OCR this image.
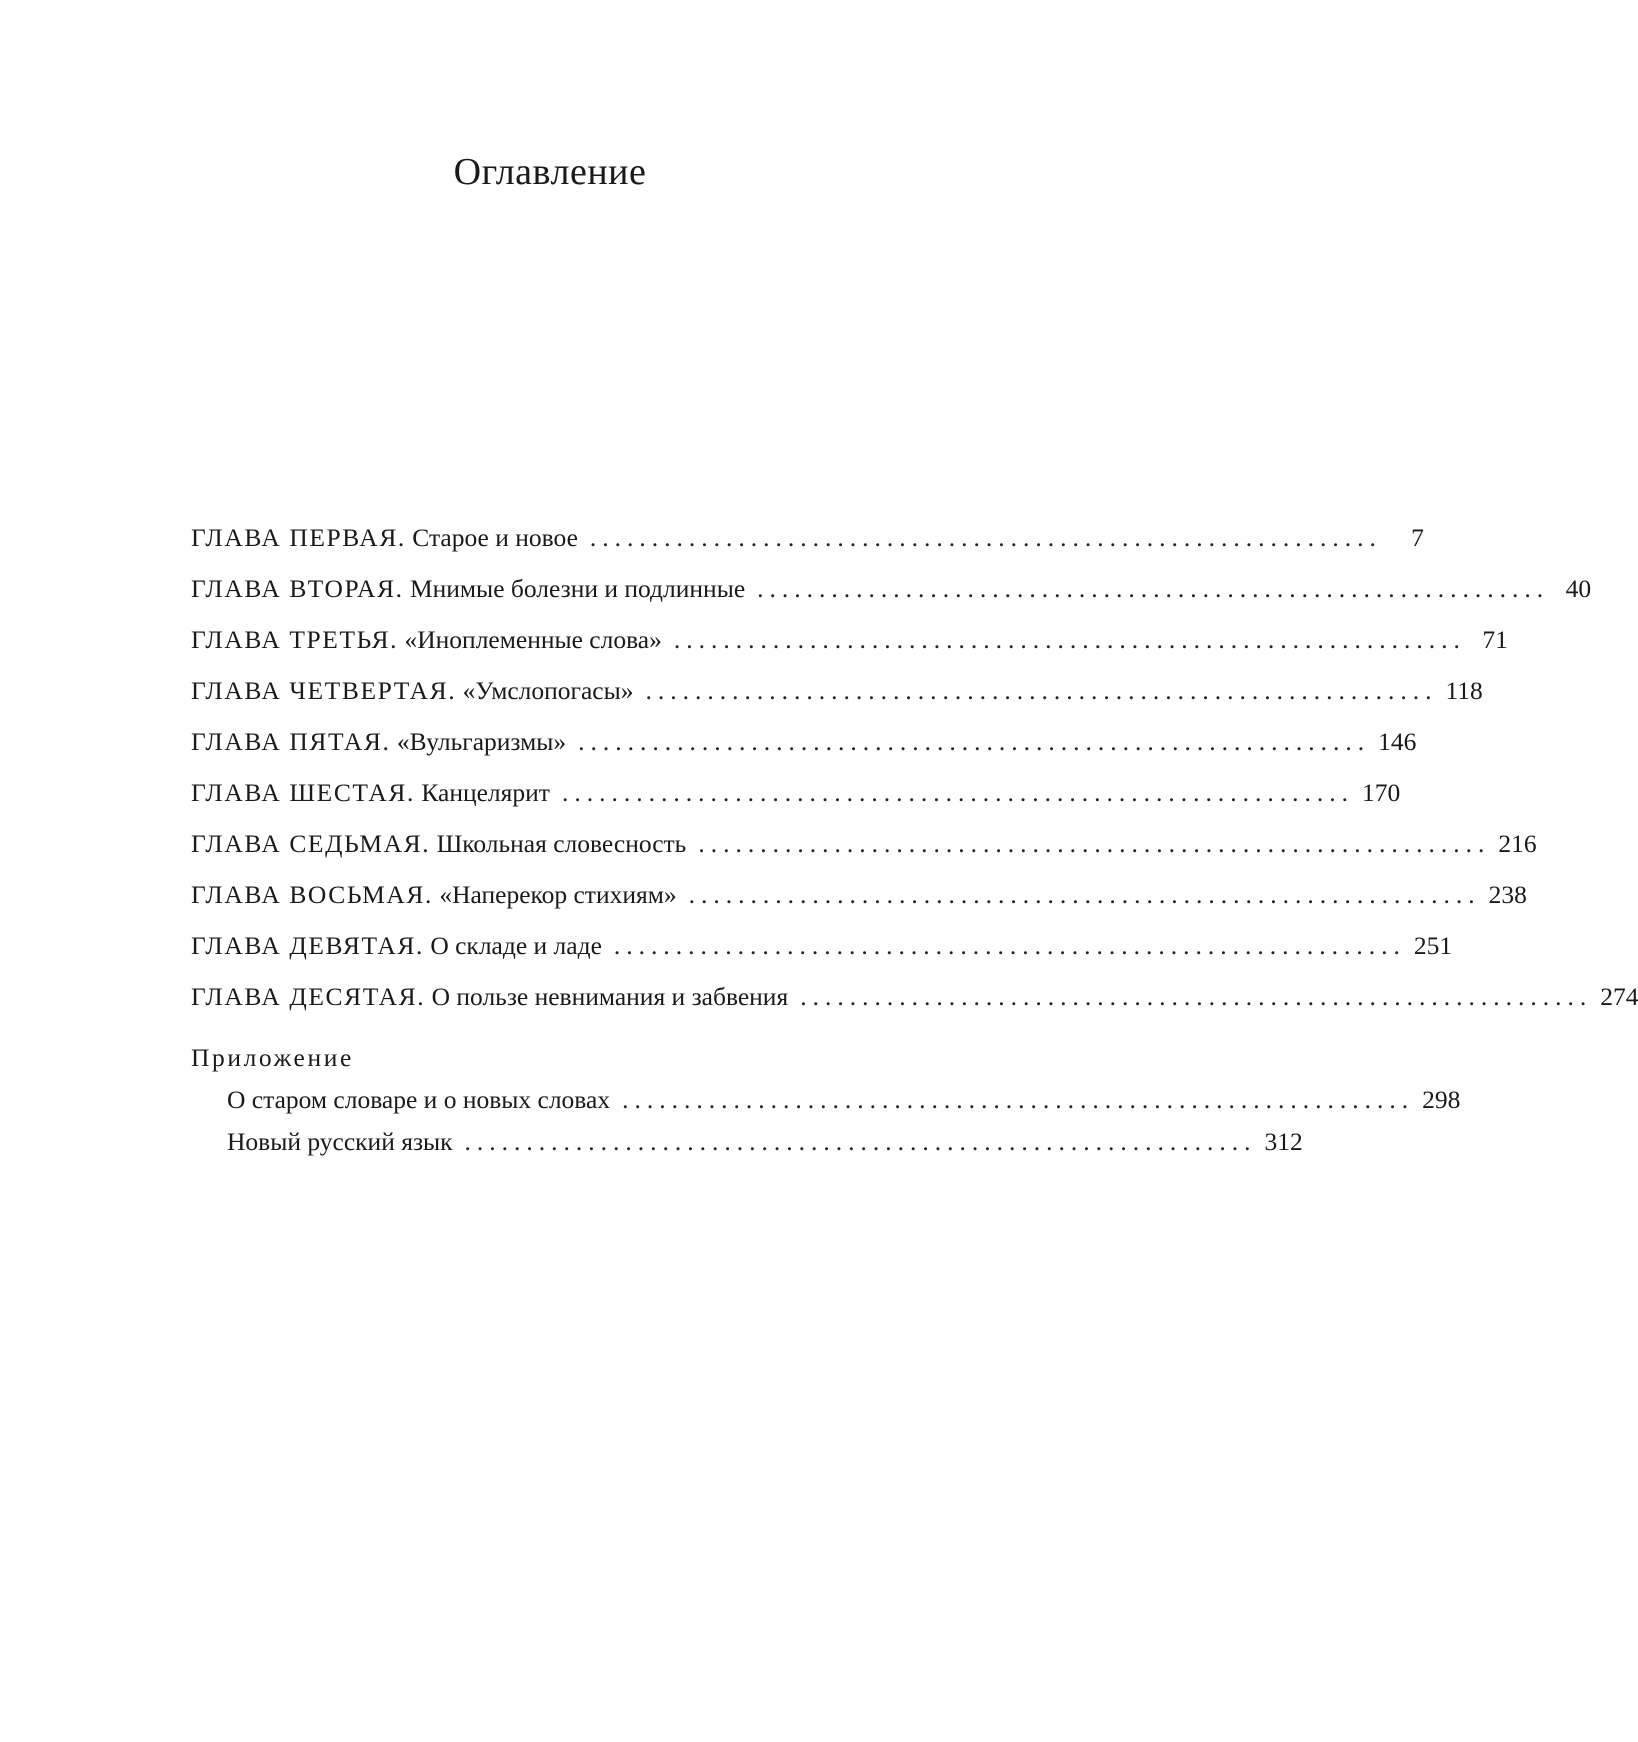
Оглавление
ГЛАВА ПЕРВАЯ. Старое и новое ................................................................	7
ГЛАВА ВТОРАЯ. Мнимые болезни и подлинные ................................................................ 40
ГЛАВА ТРЕТЬЯ. «Иноплеменные слова» ................................................................ 71
ГЛАВА ЧЕТВЕРТАЯ. «Умслопогасы» ................................................................ 118
ГЛАВА ПЯТАЯ. «Вульгаризмы» ................................................................ 146
ГЛАВА ШЕСТАЯ. Канцелярит ................................................................ 170
ГЛАВА СЕДЬМАЯ. Школьная словесность ................................................................ 216
ГЛАВА ВОСЬМАЯ. «Наперекор стихиям» ................................................................ 238
ГЛАВА ДЕВЯТАЯ. О складе и ладе ................................................................ 251
ГЛАВА ДЕСЯТАЯ. О пользе невнимания и забвения ................................................................ 274
Приложение
О старом словаре и о новых словах ................................................................ 298
Новый русский язык ................................................................ 312
